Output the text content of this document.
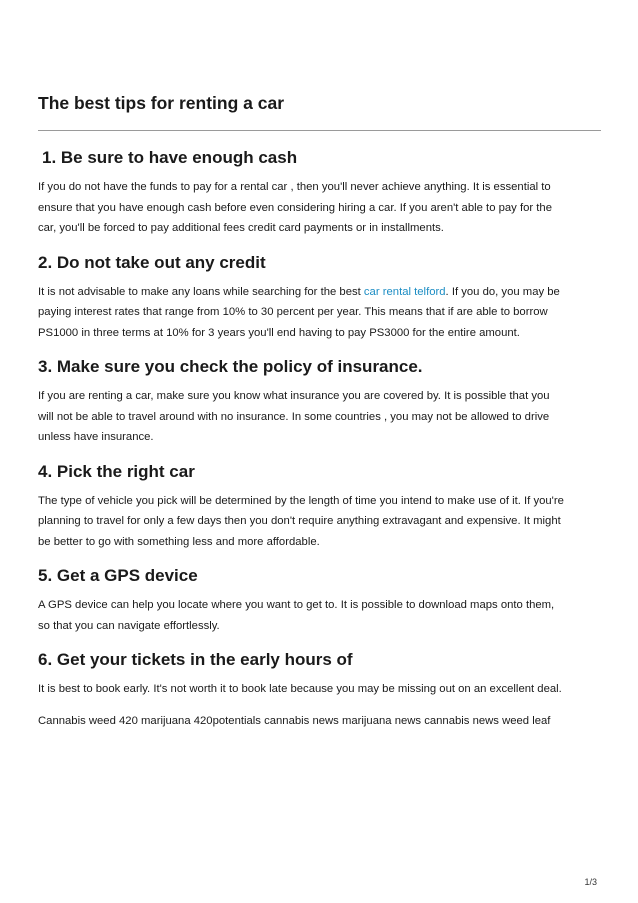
The best tips for renting a car
1. Be sure to have enough cash

If you do not have the funds to pay for a rental car , then you'll never achieve anything. It is essential to
ensure that you have enough cash before even considering hiring a car. If you aren't able to pay for the
car, you'll be forced to pay additional fees credit card payments or in installments.

2. Do not take out any credit

It is not advisable to make any loans while searching for the best car rental telford. If you do, you may be
paying interest rates that range from 10% to 30 percent per year. This means that if are able to borrow
PS1000 in three terms at 10% for 3 years you'll end having to pay PS3000 for the entire amount.

3. Make sure you check the policy of insurance.

If you are renting a car, make sure you know what insurance you are covered by. It is possible that you
will not be able to travel around with no insurance. In some countries , you may not be allowed to drive
unless have insurance.

4. Pick the right car

The type of vehicle you pick will be determined by the length of time you intend to make use of it. If you're
planning to travel for only a few days then you don't require anything extravagant and expensive. It might
be better to go with something less and more affordable.

5. Get a GPS device

A GPS device can help you locate where you want to get to. It is possible to download maps onto them,
so that you can navigate effortlessly.

6. Get your tickets in the early hours of

It is best to book early. It's not worth it to book late because you may be missing out on an excellent deal.

Cannabis weed 420 marijuana 420potentials cannabis news marijuana news cannabis news weed leaf

1/3
